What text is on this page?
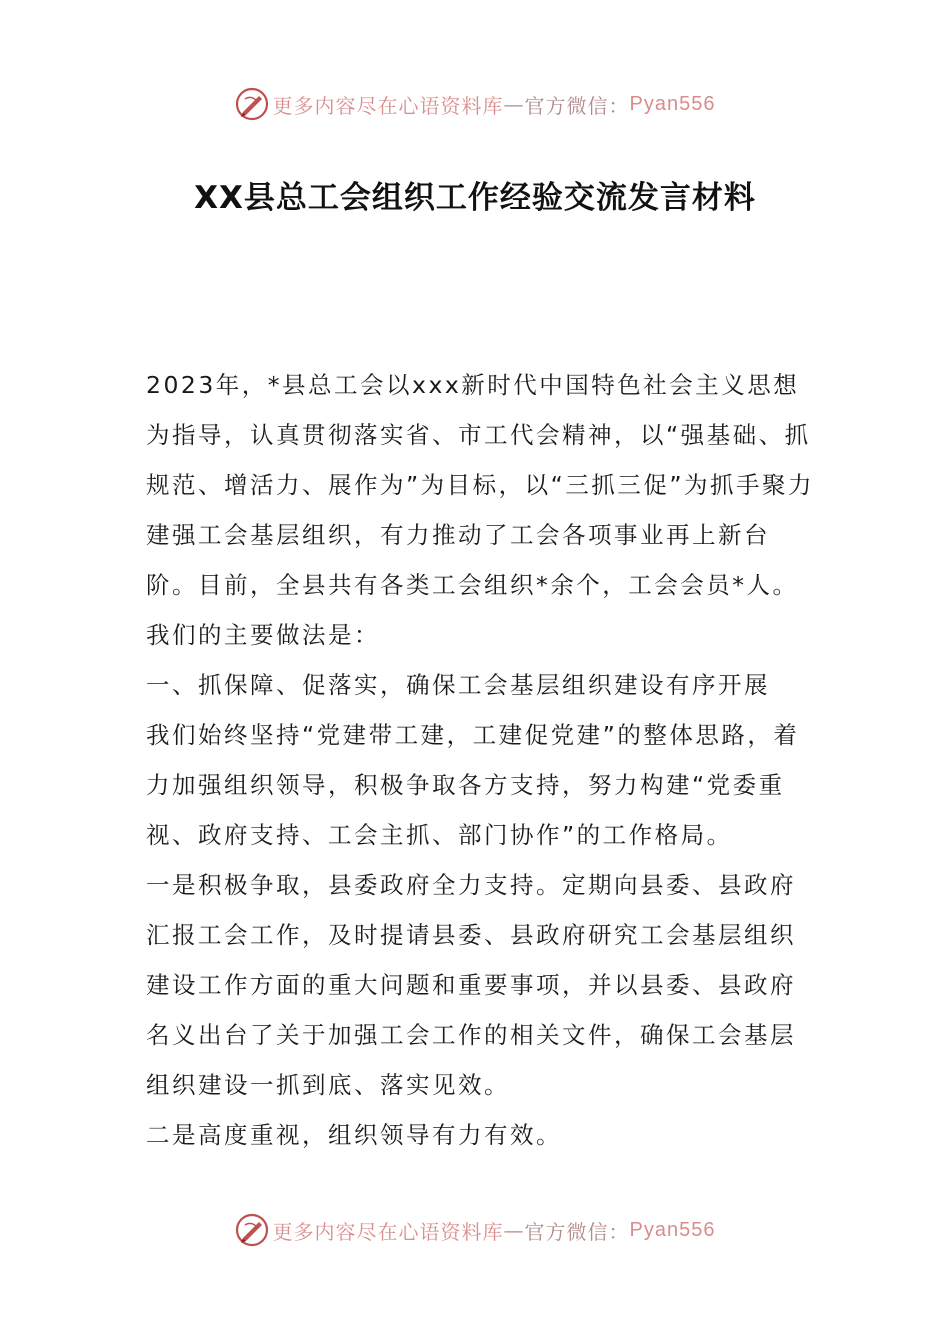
更多内容尽在心语资料库 — 官方微信： Pyan556
XX县总工会组织工作经验交流发言材料

2023年，*县总工会以xxx新时代中国特色社会主义思想为指导，认真贯彻落实省、市工代会精神，以“强基础、抓规范、增活力、展作为”为目标，以“三抓三促”为抓手聚力建强工会基层组织，有力推动了工会各项事业再上新台阶。目前，全县共有各类工会组织*余个，工会会员*人。

我们的主要做法是：

一、抓保障、促落实，确保工会基层组织建设有序开展

我们始终坚持“党建带工建，工建促党建”的整体思路，着力加强组织领导，积极争取各方支持，努力构建“党委重视、政府支持、工会主抓、部门协作”的工作格局。

一是积极争取，县委政府全力支持。定期向县委、县政府汇报工会工作，及时提请县委、县政府研究工会基层组织建设工作方面的重大问题和重要事项，并以县委、县政府名义出台了关于加强工会工作的相关文件，确保工会基层组织建设一抓到底、落实见效。

二是高度重视，组织领导有力有效。

更多内容尽在心语资料库 — 官方微信： Pyan556
